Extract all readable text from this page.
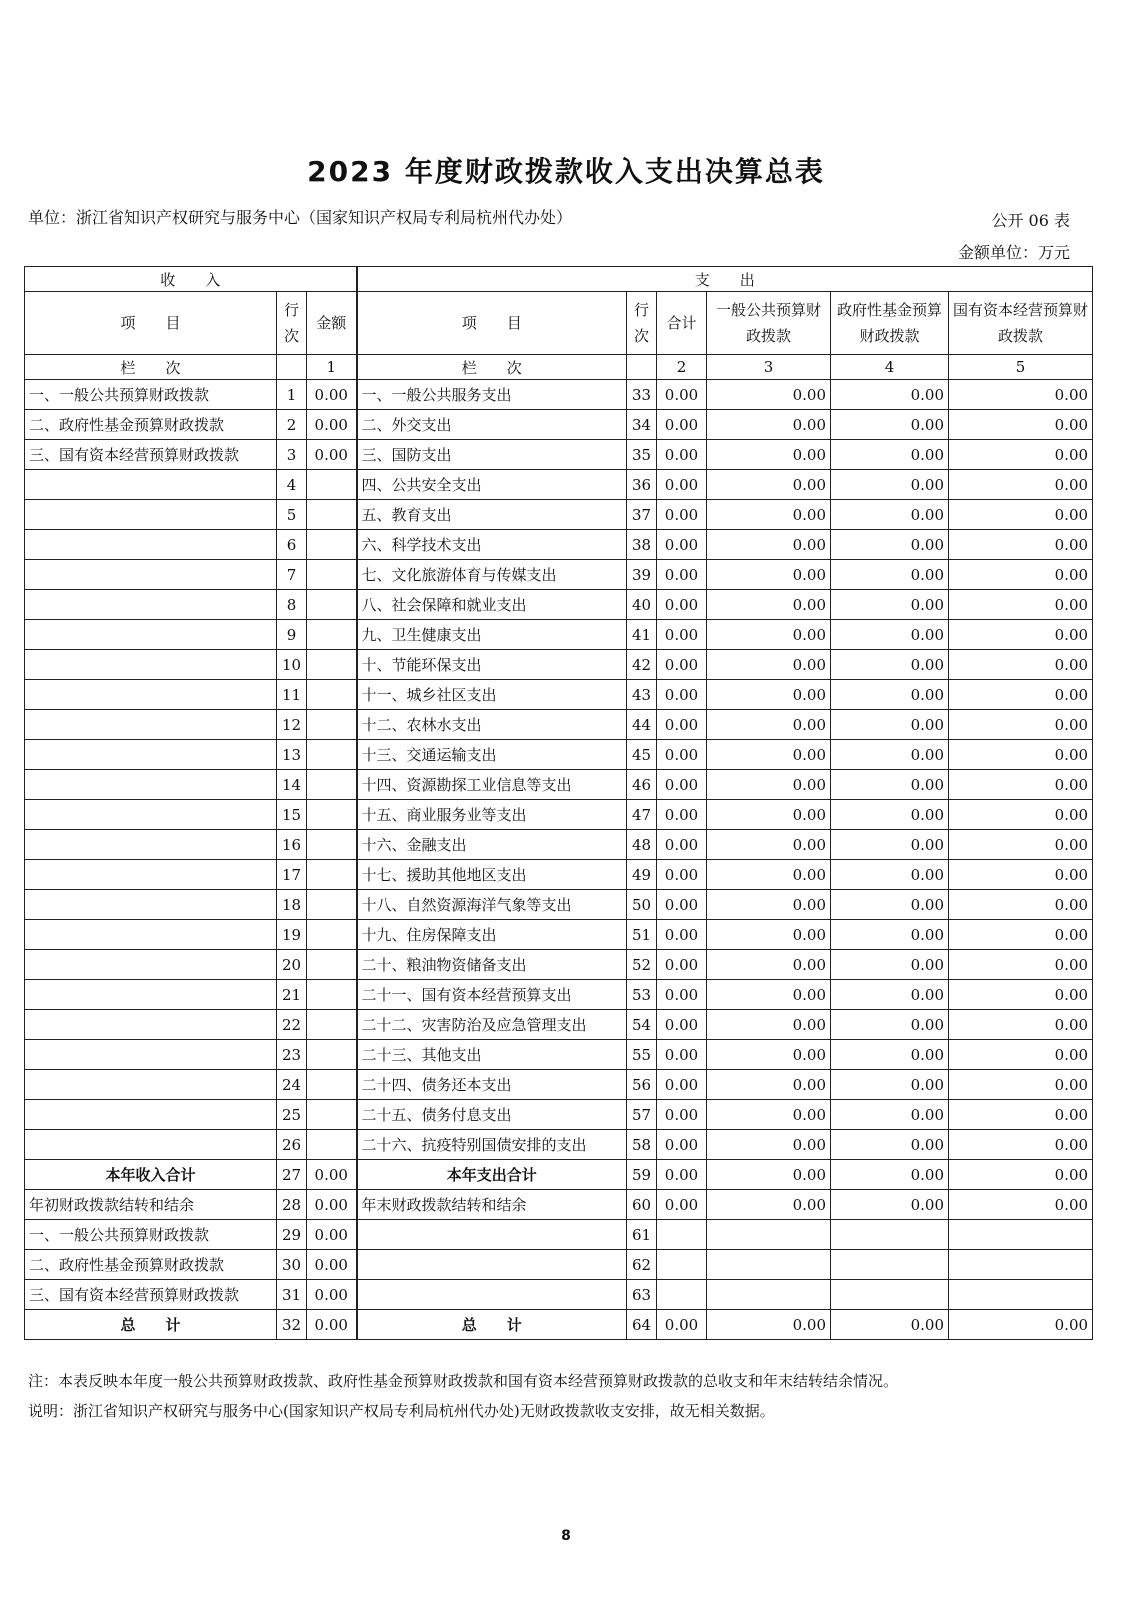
2023 年度财政拨款收入支出决算总表
单位：浙江省知识产权研究与服务中心（国家知识产权局专利局杭州代办处）	公开 06 表
金额单位：万元
收　　入			支　　出					
项　　目	行次	金额	项　　目	行次	合计	一般公共预算财政拨款	政府性基金预算财政拨款	国有资本经营预算财政拨款
栏　　次		1	栏　　次		2	3	4	5
一、一般公共预算财政拨款	1	0.00	一、一般公共服务支出	33	0.00	0.00	0.00	0.00
二、政府性基金预算财政拨款	2	0.00	二、外交支出	34	0.00	0.00	0.00	0.00
三、国有资本经营预算财政拨款	3	0.00	三、国防支出	35	0.00	0.00	0.00	0.00
	4		四、公共安全支出	36	0.00	0.00	0.00	0.00
	5		五、教育支出	37	0.00	0.00	0.00	0.00
	6		六、科学技术支出	38	0.00	0.00	0.00	0.00
	7		七、文化旅游体育与传媒支出	39	0.00	0.00	0.00	0.00
	8		八、社会保障和就业支出	40	0.00	0.00	0.00	0.00
	9		九、卫生健康支出	41	0.00	0.00	0.00	0.00
	10		十、节能环保支出	42	0.00	0.00	0.00	0.00
	11		十一、城乡社区支出	43	0.00	0.00	0.00	0.00
	12		十二、农林水支出	44	0.00	0.00	0.00	0.00
	13		十三、交通运输支出	45	0.00	0.00	0.00	0.00
	14		十四、资源勘探工业信息等支出	46	0.00	0.00	0.00	0.00
	15		十五、商业服务业等支出	47	0.00	0.00	0.00	0.00
	16		十六、金融支出	48	0.00	0.00	0.00	0.00
	17		十七、援助其他地区支出	49	0.00	0.00	0.00	0.00
	18		十八、自然资源海洋气象等支出	50	0.00	0.00	0.00	0.00
	19		十九、住房保障支出	51	0.00	0.00	0.00	0.00
	20		二十、粮油物资储备支出	52	0.00	0.00	0.00	0.00
	21		二十一、国有资本经营预算支出	53	0.00	0.00	0.00	0.00
	22		二十二、灾害防治及应急管理支出	54	0.00	0.00	0.00	0.00
	23		二十三、其他支出	55	0.00	0.00	0.00	0.00
	24		二十四、债务还本支出	56	0.00	0.00	0.00	0.00
	25		二十五、债务付息支出	57	0.00	0.00	0.00	0.00
	26		二十六、抗疫特别国债安排的支出	58	0.00	0.00	0.00	0.00
本年收入合计	27	0.00	本年支出合计	59	0.00	0.00	0.00	0.00
年初财政拨款结转和结余	28	0.00	年末财政拨款结转和结余	60	0.00	0.00	0.00	0.00
一、一般公共预算财政拨款	29	0.00		61				
二、政府性基金预算财政拨款	30	0.00		62				
三、国有资本经营预算财政拨款	31	0.00		63				
总　　计	32	0.00	总　　计	64	0.00	0.00	0.00	0.00
注：本表反映本年度一般公共预算财政拨款、政府性基金预算财政拨款和国有资本经营预算财政拨款的总收支和年末结转结余情况。
说明：浙江省知识产权研究与服务中心(国家知识产权局专利局杭州代办处)无财政拨款收支安排，故无相关数据。
8
